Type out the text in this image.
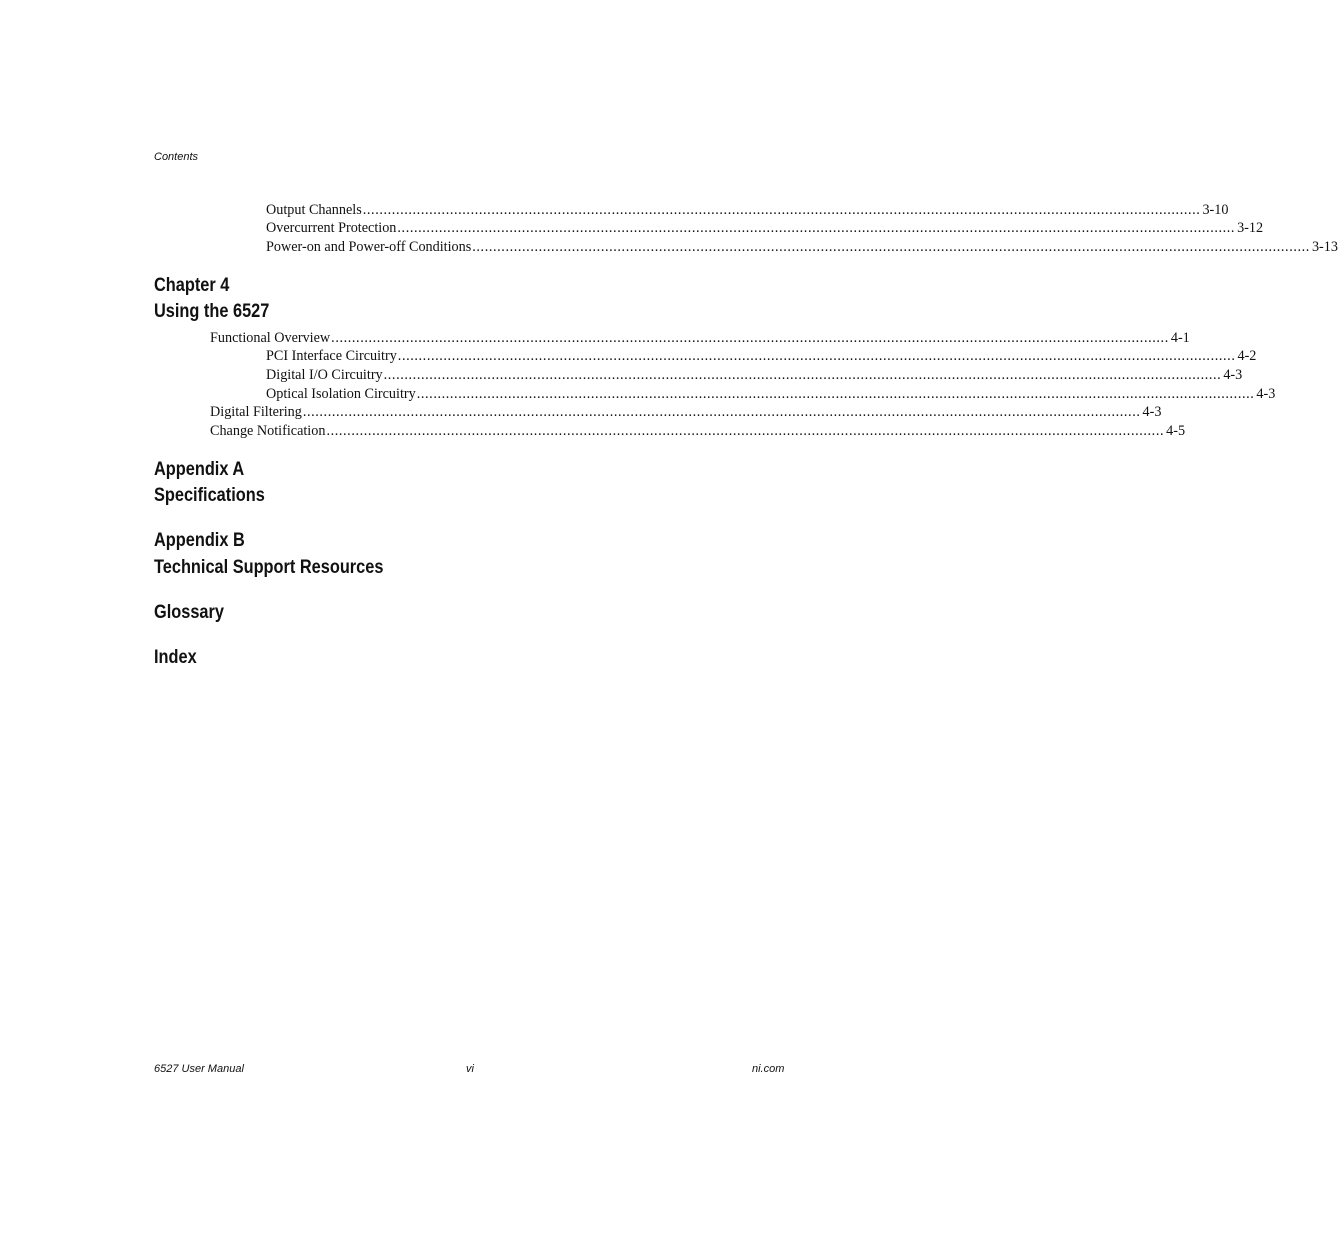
Contents
Output Channels .......................................................................................................................................................................................................... 3-10
Overcurrent Protection .......................................................................................................................................................................................................... 3-12
Power-on and Power-off Conditions .......................................................................................................................................................................................................... 3-13
Chapter 4
Using the 6527
Functional Overview .......................................................................................................................................................................................................... 4-1
PCI Interface Circuitry .......................................................................................................................................................................................................... 4-2
Digital I/O Circuitry .......................................................................................................................................................................................................... 4-3
Optical Isolation Circuitry .......................................................................................................................................................................................................... 4-3
Digital Filtering .......................................................................................................................................................................................................... 4-3
Change Notification .......................................................................................................................................................................................................... 4-5
Appendix A
Specifications
Appendix B
Technical Support Resources
Glossary
Index
6527 User Manual	vi	ni.com
